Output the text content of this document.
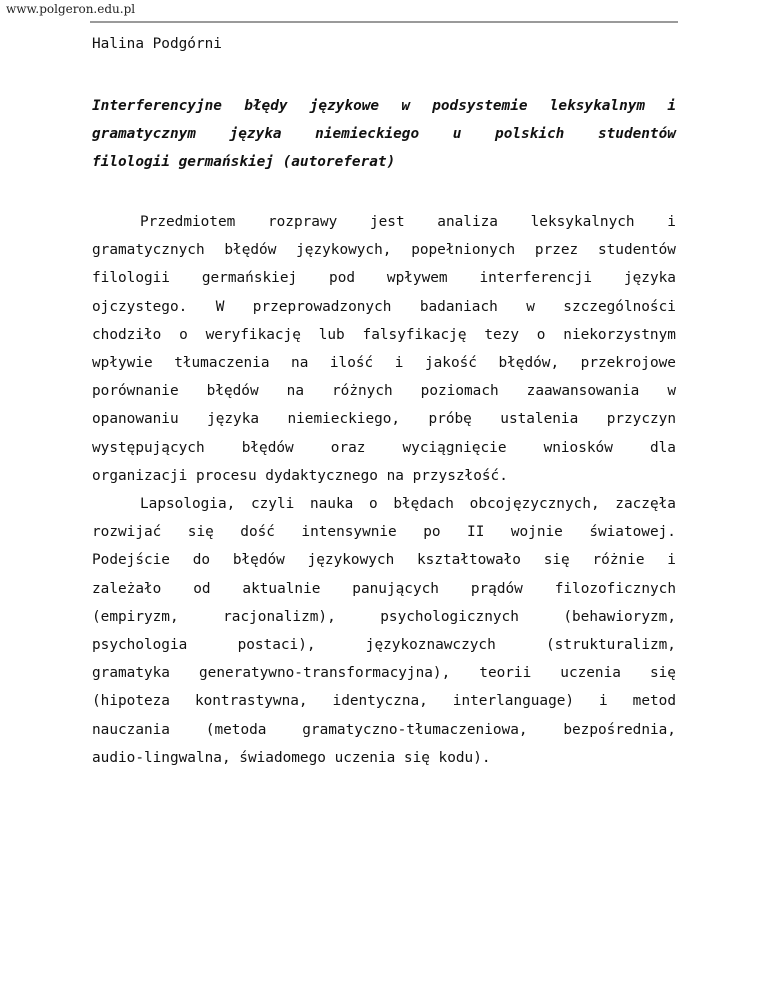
www.polgeron.edu.pl
Halina Podgórni
Interferencyjne błędy językowe w podsystemie leksykalnym i
gramatycznym języka niemieckiego u polskich studentów
filologii germańskiej (autoreferat)
Przedmiotem rozprawy jest analiza leksykalnych i
gramatycznych błędów językowych, popełnionych przez studentów
filologii germańskiej pod wpływem interferencji języka
ojczystego. W przeprowadzonych badaniach w szczególności
chodziło o weryfikację lub falsyfikację tezy o niekorzystnym
wpływie tłumaczenia na ilość i jakość błędów, przekrojowe
porównanie błędów na różnych poziomach zaawansowania w
opanowaniu języka niemieckiego, próbę ustalenia przyczyn
występujących	błędów	oraz	wyciągnięcie	wniosków	dla
organizacji procesu dydaktycznego na przyszłość.
Lapsologia, czyli nauka o błędach obcojęzycznych, zaczęła
rozwijać się dość intensywnie po II wojnie światowej.
Podejście do błędów językowych kształtowało się różnie i
zależało od aktualnie panujących prądów filozoficznych
(empiryzm,	racjonalizm),	psychologicznych	(behawioryzm,
psychologia	postaci),	językoznawczych	(strukturalizm,
gramatyka generatywno-transformacyjna), teorii uczenia się
(hipoteza kontrastywna, identyczna, interlanguage) i metod
nauczania (metoda gramatyczno-tłumaczeniowa, bezpośrednia,
audio-lingwalna, świadomego uczenia się kodu).
